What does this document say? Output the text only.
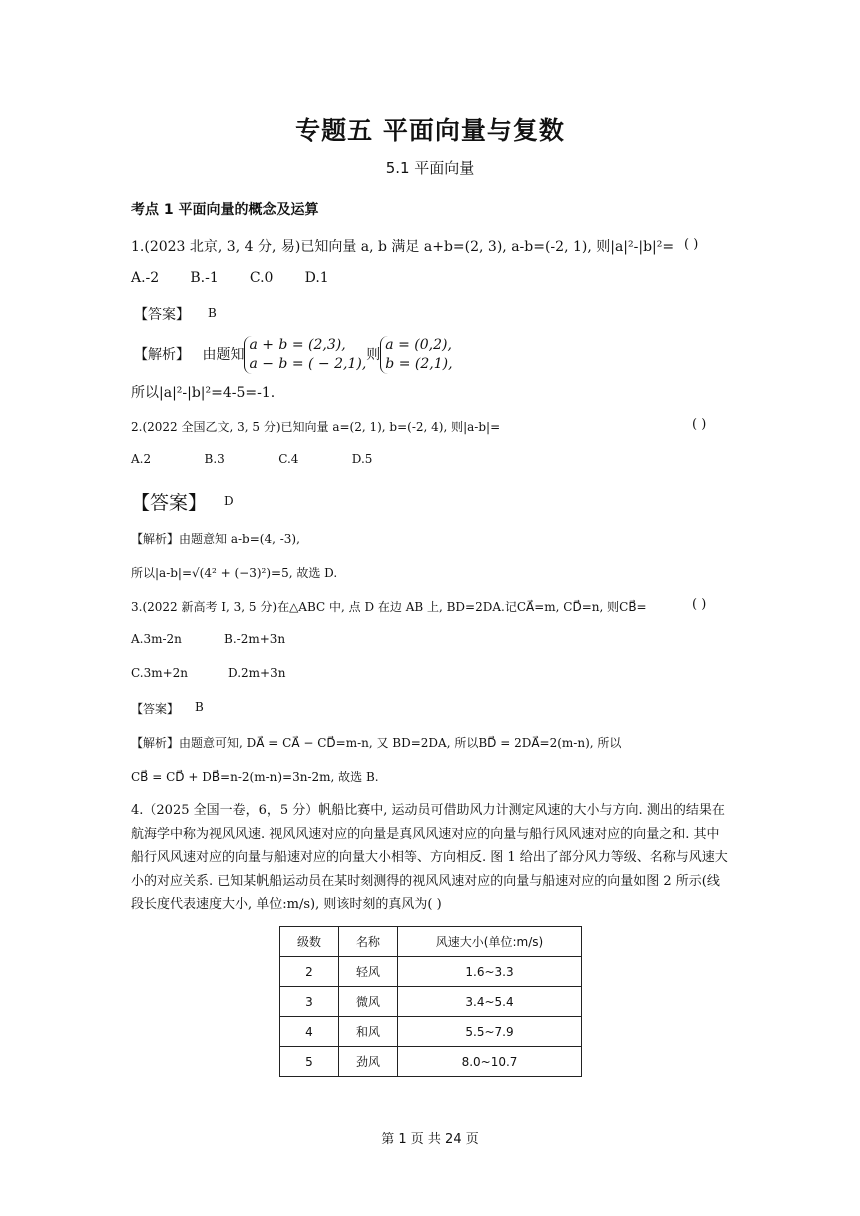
专题五 平面向量与复数
5.1 平面向量
考点 1 平面向量的概念及运算
1.(2023 北京, 3, 4 分, 易)已知向量 a, b 满足 a+b=(2, 3), a-b=(-2, 1), 则|a|²-|b|²= ( )
A.-2       B.-1       C.0       D.1
【答案】 B
【解析】 由题知
a + b = (2,3),
a − b = ( − 2,1),
则
a = (0,2),
b = (2,1),
所以|a|²-|b|²=4-5=-1.
2.(2022 全国乙文, 3, 5 分)已知向量 a=(2, 1), b=(-2, 4), 则|a-b|=	( )
A.2              B.3              C.4              D.5
【答案】 D
【解析】由题意知 a-b=(4, -3),
所以|a-b|=√(4² + (−3)²)=5, 故选 D.
3.(2022 新高考 I, 3, 5 分)在△ABC 中, 点 D 在边 AB 上, BD=2DA.记CA⃗=m, CD⃗=n, 则CB⃗=	( )
A.3m-2n	B.-2m+3n
C.3m+2n	D.2m+3n
【答案】 B
【解析】由题意可知, DA⃗ = CA⃗ − CD⃗=m-n, 又 BD=2DA, 所以BD⃗ = 2DA⃗=2(m-n), 所以
CB⃗ = CD⃗ + DB⃗=n-2(m-n)=3n-2m, 故选 B.
4.（2025 全国一卷，6，5 分）帆船比赛中, 运动员可借助风力计测定风速的大小与方向. 测出的结果在航海学中称为视风风速. 视风风速对应的向量是真风风速对应的向量与船行风风速对应的向量之和. 其中船行风风速对应的向量与船速对应的向量大小相等、方向相反. 图 1 给出了部分风力等级、名称与风速大小的对应关系. 已知某帆船运动员在某时刻测得的视风风速对应的向量与船速对应的向量如图 2 所示(线段长度代表速度大小, 单位:m/s), 则该时刻的真风为( )
级数	名称	风速大小(单位:m/s)
2	轻风	1.6~3.3
3	微风	3.4~5.4
4	和风	5.5~7.9
5	劲风	8.0~10.7
第 1 页 共 24 页
